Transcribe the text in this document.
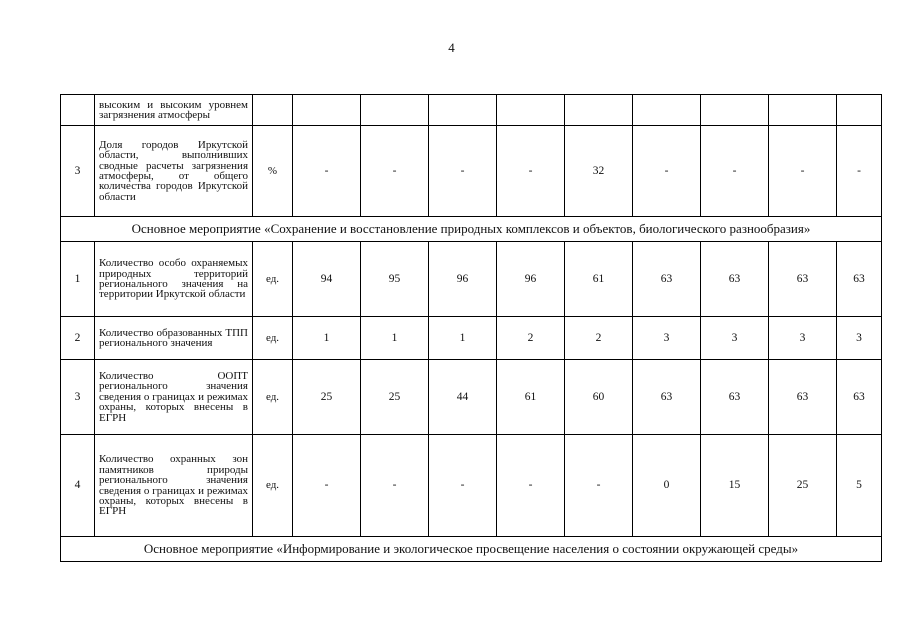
4
	высоким и высоким уровнем загрязнения атмосферы										
3	Доля городов Иркутской области, выполнивших сводные расчеты загрязнения атмосферы, от общего количества городов Иркутской области	%	-	-	-	-	32	-	-	-	-
Основное мероприятие «Сохранение и восстановление природных комплексов и объектов, биологического разнообразия»											
1	Количество особо охраняемых природных территорий регионального значения на территории Иркутской области	ед.	94	95	96	96	61	63	63	63	63
2	Количество образованных ТПП регионального значения	ед.	1	1	1	2	2	3	3	3	3
3	Количество ООПТ регионального значения сведения о границах и режимах охраны, которых внесены в ЕГРН	ед.	25	25	44	61	60	63	63	63	63
4	Количество охранных зон памятников природы регионального значения сведения о границах и режимах охраны, которых внесены в ЕГРН	ед.	-	-	-	-	-	0	15	25	5
Основное мероприятие «Информирование и экологическое просвещение населения о состоянии окружающей среды»											
